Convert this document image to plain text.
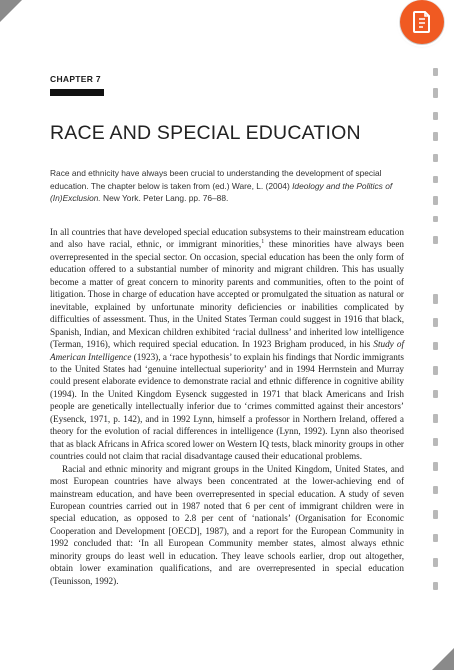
CHAPTER 7
RACE AND SPECIAL EDUCATION
Race and ethnicity have always been crucial to understanding the development of special education. The chapter below is taken from (ed.) Ware, L. (2004) Ideology and the Politics of (In)Exclusion. New York. Peter Lang. pp. 76–88.

In all countries that have developed special education subsystems to their mainstream education and also have racial, ethnic, or immigrant minorities,$^1$ these minorities have always been overrepresented in the special sector. On occasion, special education has been the only form of education offered to a substantial number of minority and migrant children. This has usually become a matter of great concern to minority parents and communities, often to the point of litigation. Those in charge of education have accepted or promulgated the situation as natural or inevitable, explained by unfortunate minority deficiencies or inabilities complicated by difficulties of assessment. Thus, in the United States Terman could suggest in 1916 that black, Spanish, Indian, and Mexican children exhibited ‘racial dullness’ and inherited low intelligence (Terman, 1916), which required special education. In 1923 Brigham produced, in his Study of American Intelligence (1923), a ‘race hypothesis’ to explain his findings that Nordic immigrants to the United States had ‘genuine intellectual superiority’ and in 1994 Herrnstein and Murray could present elaborate evidence to demonstrate racial and ethnic difference in cognitive ability (1994). In the United Kingdom Eysenck suggested in 1971 that black Americans and Irish people are genetically intellectually inferior due to ‘crimes committed against their ancestors’ (Eysenck, 1971, p. 142), and in 1992 Lynn, himself a professor in Northern Ireland, offered a theory for the evolution of racial differences in intelligence (Lynn, 1992). Lynn also theorised that as black Africans in Africa scored lower on Western IQ tests, black minority groups in other countries could not claim that racial disadvantage caused their educational problems.

Racial and ethnic minority and migrant groups in the United Kingdom, United States, and most European countries have always been concentrated at the lower-achieving end of mainstream education, and have been overrepresented in special education. A study of seven European countries carried out in 1987 noted that 6 per cent of immigrant children were in special education, as opposed to 2.8 per cent of ‘nationals’ (Organisation for Economic Cooperation and Development [OECD], 1987), and a report for the European Community in 1992 concluded that: ‘In all European Community member states, almost always ethnic minority groups do least well in education. They leave schools earlier, drop out altogether, obtain lower examination qualifications, and are overrepresented in special education (Teunisson, 1992).
